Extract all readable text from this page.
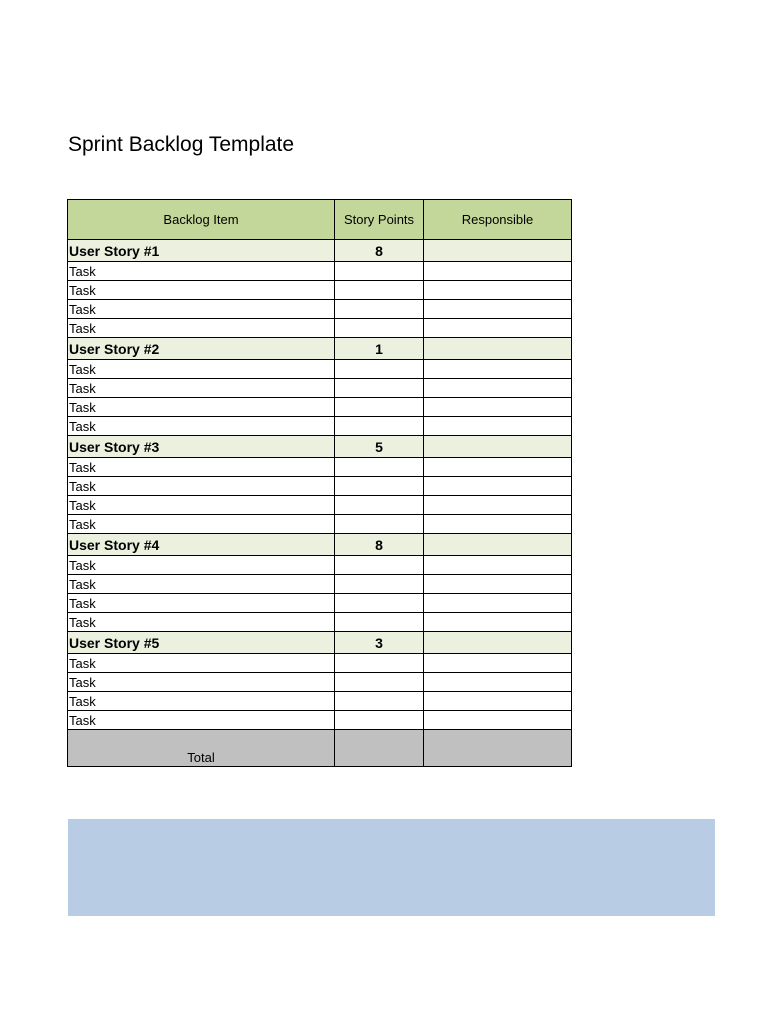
Sprint Backlog Template
Backlog Item	Story Points	Responsible
User Story #1	8	
Task		
Task		
Task		
Task		
User Story #2	1	
Task		
Task		
Task		
Task		
User Story #3	5	
Task		
Task		
Task		
Task		
User Story #4	8	
Task		
Task		
Task		
Task		
User Story #5	3	
Task		
Task		
Task		
Task		
Total		
